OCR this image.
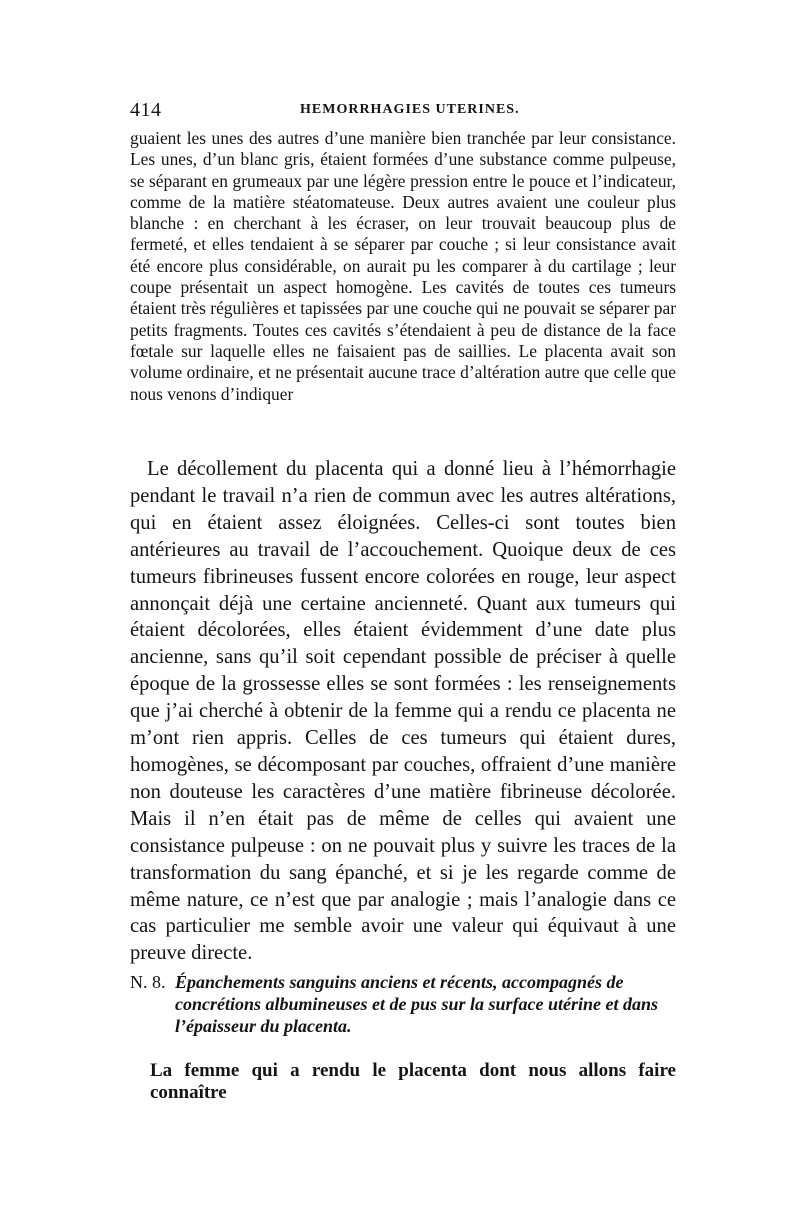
414	HEMORRHAGIES UTERINES.

guaient les unes des autres d’une manière bien tranchée par leur consistance. Les unes, d’un blanc gris, étaient formées d’une substance comme pulpeuse, se séparant en grumeaux par une légère pression entre le pouce et l’indicateur, comme de la matière stéatomateuse. Deux autres avaient une couleur plus blanche : en cherchant à les écraser, on leur trouvait beaucoup plus de fermeté, et elles tendaient à se séparer par couche ; si leur consistance avait été encore plus considérable, on aurait pu les comparer à du cartilage ; leur coupe présentait un aspect homogène. Les cavités de toutes ces tumeurs étaient très régulières et tapissées par une couche qui ne pouvait se séparer par petits fragments. Toutes ces cavités s’étendaient à peu de distance de la face fœtale sur laquelle elles ne faisaient pas de saillies. Le placenta avait son volume ordinaire, et ne présentait aucune trace d’altération autre que celle que nous venons d’indiquer

Le décollement du placenta qui a donné lieu à l’hémorrhagie pendant le travail n’a rien de commun avec les autres altérations, qui en étaient assez éloignées. Celles-ci sont toutes bien antérieures au travail de l’accouchement. Quoique deux de ces tumeurs fibrineuses fussent encore colorées en rouge, leur aspect annonçait déjà une certaine ancienneté. Quant aux tumeurs qui étaient décolorées, elles étaient évidemment d’une date plus ancienne, sans qu’il soit cependant possible de préciser à quelle époque de la grossesse elles se sont formées : les renseignements que j’ai cherché à obtenir de la femme qui a rendu ce placenta ne m’ont rien appris. Celles de ces tumeurs qui étaient dures, homogènes, se décomposant par couches, offraient d’une manière non douteuse les caractères d’une matière fibrineuse décolorée. Mais il n’en était pas de même de celles qui avaient une consistance pulpeuse : on ne pouvait plus y suivre les traces de la transformation du sang épanché, et si je les regarde comme de même nature, ce n’est que par analogie ; mais l’analogie dans ce cas particulier me semble avoir une valeur qui équivaut à une preuve directe.

N. 8. Épanchements sanguins anciens et récents, accompagnés de concrétions albumineuses et de pus sur la surface utérine et dans l’épaisseur du placenta.

La femme qui a rendu le placenta dont nous allons faire connaître
